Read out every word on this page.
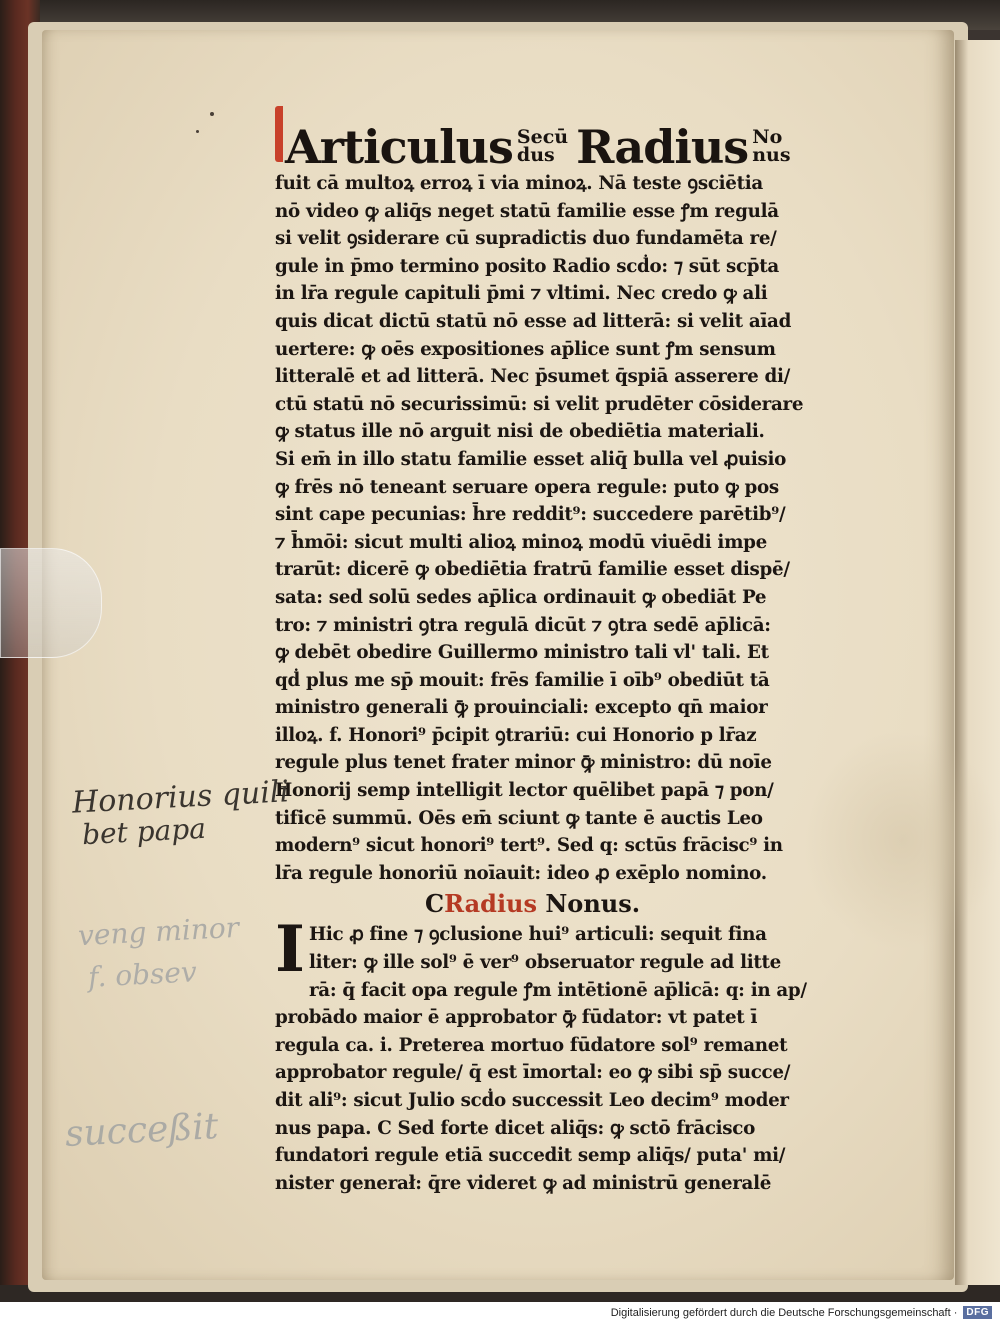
Articulus Secū
dus Radius No
nus
fuit cā multoꝝ erroꝝ ī via minoꝝ. Nā teste ꝯsciētia
nō video ꝙ aliq̄s neget statū familie esse ꝭm regulā
si velit ꝯsiderare cū supradictis duo fundamēta re/
gule in p̄mo termino posito Radio scḋo: ⁊ sūt scp̄ta
in lr̄a regule capituli p̄mi ⁊ vltimi. Nec credo ꝙ ali
quis dicat dictū statū nō esse ad litterā: si velit aīad
uertere: ꝙ oēs expositiones ap̄lice sunt ꝭm sensum
litteralē et ad litterā. Nec p̄sumet q̄spiā asserere di/
ctū statū nō securissimū: si velit prudēter cōsiderare
ꝙ status ille nō arguit nisi de obediētia materiali.
Si em̄ in illo statu familie esset aliq̄ bulla vel ꝓuisio
ꝙ frēs nō teneant seruare opera regule: puto ꝙ pos
sint cape pecunias: h̄re reddit⁹: succedere parētib⁹/
⁊ h̄mōi: sicut multi alioꝝ minoꝝ modū viuēdi impe
trarūt: dicerē ꝙ obediētia fratrū familie esset dispē/
sata: sed solū sedes ap̄lica ordinauit ꝙ obediāt Pe
tro: ⁊ ministri ꝯtra regulā dicūt ⁊ ꝯtra sedē ap̄licā:
ꝙ debēt obedire Guillermo ministro tali vl' tali. Et
qḋ plus me sp̄ mouit: frēs familie ī oīb⁹ obediūt tā
ministro generali ꝙ̄ prouinciali: excepto qn̄ maior
illoꝝ. f. Honori⁹ p̄cipit ꝯtrariū: cui Honorio p lr̄az
regule plus tenet frater minor ꝙ̄ ministro: dū noīe
Honorij semp intelligit lector quēlibet papā ⁊ pon/
tificē summū. Oēs em̄ sciunt ꝙ tante ē auctis Leo
modern⁹ sicut honori⁹ tert⁹. Sed q: sctūs frācisc⁹ in
lr̄a regule honoriū noīauit: ideo ꝓ exēplo nomino.
CRadius Nonus.
I Hic ꝓ fine ⁊ ꝯclusione hui⁹ articuli: sequit fina
liter: ꝙ ille sol⁹ ē ver⁹ obseruator regule ad litte
rā: q̄ facit opa regule ꝭm intētionē ap̄licā: q: in ap/
probādo maior ē approbator ꝙ̄ fūdator: vt patet ī
regula ca. i. Preterea mortuo fūdatore sol⁹ remanet
approbator regule/ q̄ est īmortal: eo ꝙ sibi sp̄ succe/
dit ali⁹: sicut Julio scḋo successit Leo decim⁹ moder
nus papa. C Sed forte dicet aliq̄s: ꝙ sctō frācisco
fundatori regule etiā succedit semp aliq̄s/ puta' mi/
nister generał: q̄re videret ꝙ ad ministrū generalē
Honorius quili
bet papa
veng minor
f. obsev
succeßit
Digitalisierung gefördert durch die Deutsche Forschungsgemeinschaft · DFG
